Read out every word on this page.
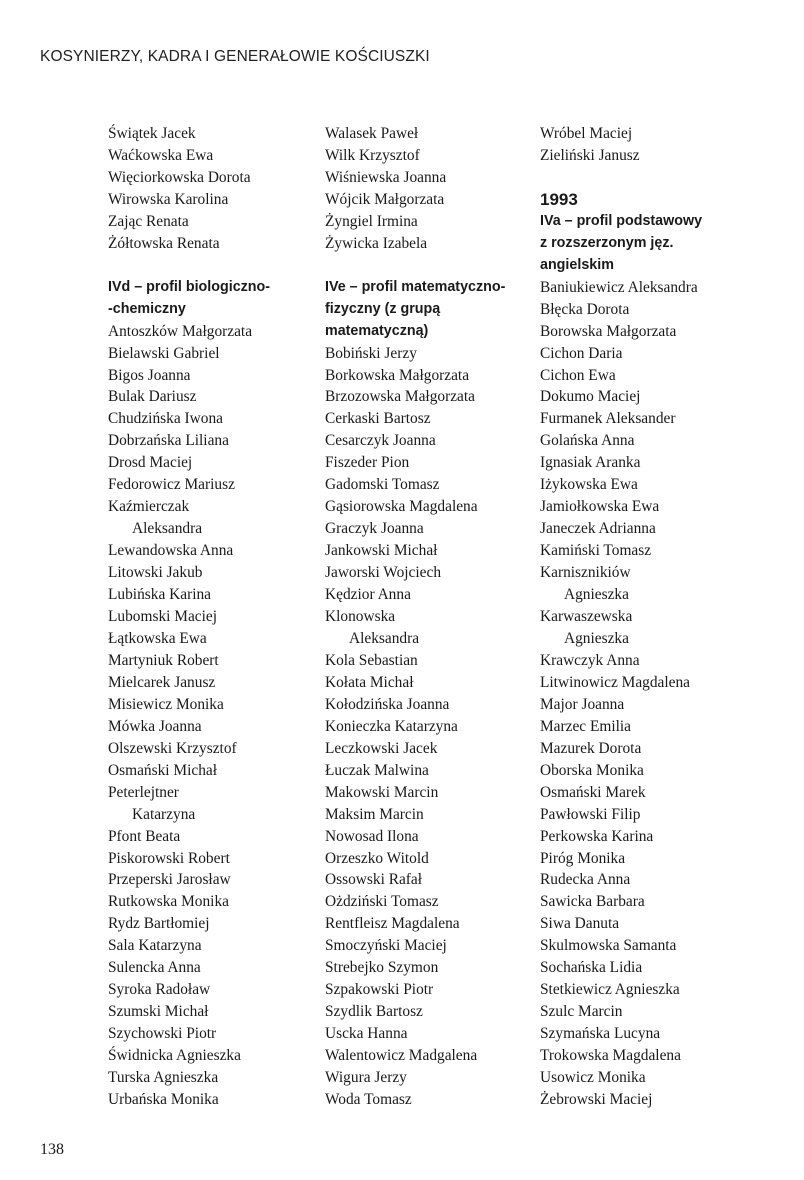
KOSYNIERZY, KADRA I GENERAŁOWIE KOŚCIUSZKI
Świątek Jacek
Waćkowska Ewa
Więciorkowska Dorota
Wirowska Karolina
Zając Renata
Żółtowska Renata
IVd – profil biologiczno-
-chemiczny
Antoszków Małgorzata
Bielawski Gabriel
Bigos Joanna
Bulak Dariusz
Chudzińska Iwona
Dobrzańska Liliana
Drosd Maciej
Fedorowicz Mariusz
Kaźmierczak
Aleksandra
Lewandowska Anna
Litowski Jakub
Lubińska Karina
Lubomski Maciej
Łątkowska Ewa
Martyniuk Robert
Mielcarek Janusz
Misiewicz Monika
Mówka Joanna
Olszewski Krzysztof
Osmański Michał
Peterlejtner
Katarzyna
Pfont Beata
Piskorowski Robert
Przeperski Jarosław
Rutkowska Monika
Rydz Bartłomiej
Sala Katarzyna
Sulencka Anna
Syroka Radoław
Szumski Michał
Szychowski Piotr
Świdnicka Agnieszka
Turska Agnieszka
Urbańska Monika
Walasek Paweł
Wilk Krzysztof
Wiśniewska Joanna
Wójcik Małgorzata
Żyngiel Irmina
Żywicka Izabela
IVe – profil matematyczno-
fizyczny (z grupą
matematyczną)
Bobiński Jerzy
Borkowska Małgorzata
Brzozowska Małgorzata
Cerkaski Bartosz
Cesarczyk Joanna
Fiszeder Pion
Gadomski Tomasz
Gąsiorowska Magdalena
Graczyk Joanna
Jankowski Michał
Jaworski Wojciech
Kędzior Anna
Klonowska
Aleksandra
Kola Sebastian
Kołata Michał
Kołodzińska Joanna
Konieczka Katarzyna
Leczkowski Jacek
Łuczak Malwina
Makowski Marcin
Maksim Marcin
Nowosad Ilona
Orzeszko Witold
Ossowski Rafał
Ożdziński Tomasz
Rentfleisz Magdalena
Smoczyński Maciej
Strebejko Szymon
Szpakowski Piotr
Szydlik Bartosz
Uscka Hanna
Walentowicz Madgalena
Wigura Jerzy
Woda Tomasz
Wróbel Maciej
Zieliński Janusz
1993
IVa – profil podstawowy
z rozszerzonym jęz.
angielskim
Baniukiewicz Aleksandra
Błęcka Dorota
Borowska Małgorzata
Cichon Daria
Cichon Ewa
Dokumo Maciej
Furmanek Aleksander
Golańska Anna
Ignasiak Aranka
Iżykowska Ewa
Jamiołkowska Ewa
Janeczek Adrianna
Kamiński Tomasz
Karnisznikiów
Agnieszka
Karwaszewska
Agnieszka
Krawczyk Anna
Litwinowicz Magdalena
Major Joanna
Marzec Emilia
Mazurek Dorota
Oborska Monika
Osmański Marek
Pawłowski Filip
Perkowska Karina
Piróg Monika
Rudecka Anna
Sawicka Barbara
Siwa Danuta
Skulmowska Samanta
Sochańska Lidia
Stetkiewicz Agnieszka
Szulc Marcin
Szymańska Lucyna
Trokowska Magdalena
Usowicz Monika
Żebrowski Maciej
138
